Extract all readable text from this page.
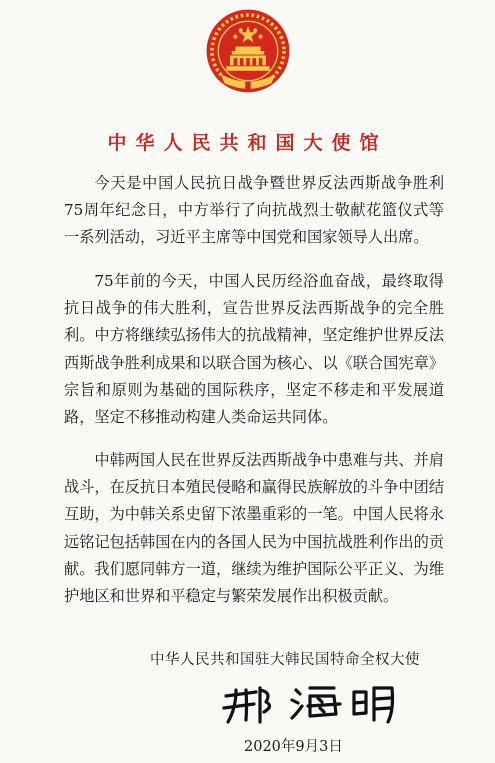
中华人民共和国大使馆

今天是中国人民抗日战争暨世界反法西斯战争胜利75周年纪念日，中方举行了向抗战烈士敬献花篮仪式等一系列活动，习近平主席等中国党和国家领导人出席。

75年前的今天，中国人民历经浴血奋战，最终取得抗日战争的伟大胜利，宣告世界反法西斯战争的完全胜利。中方将继续弘扬伟大的抗战精神，坚定维护世界反法西斯战争胜利成果和以联合国为核心、以《联合国宪章》宗旨和原则为基础的国际秩序，坚定不移走和平发展道路，坚定不移推动构建人类命运共同体。

中韩两国人民在世界反法西斯战争中患难与共、并肩战斗，在反抗日本殖民侵略和赢得民族解放的斗争中团结互助，为中韩关系史留下浓墨重彩的一笔。中国人民将永远铭记包括韩国在内的各国人民为中国抗战胜利作出的贡献。我们愿同韩方一道，继续为维护国际公平正义、为维护地区和世界和平稳定与繁荣发展作出积极贡献。

中华人民共和国驻大韩民国特命全权大使
2020年9月3日
